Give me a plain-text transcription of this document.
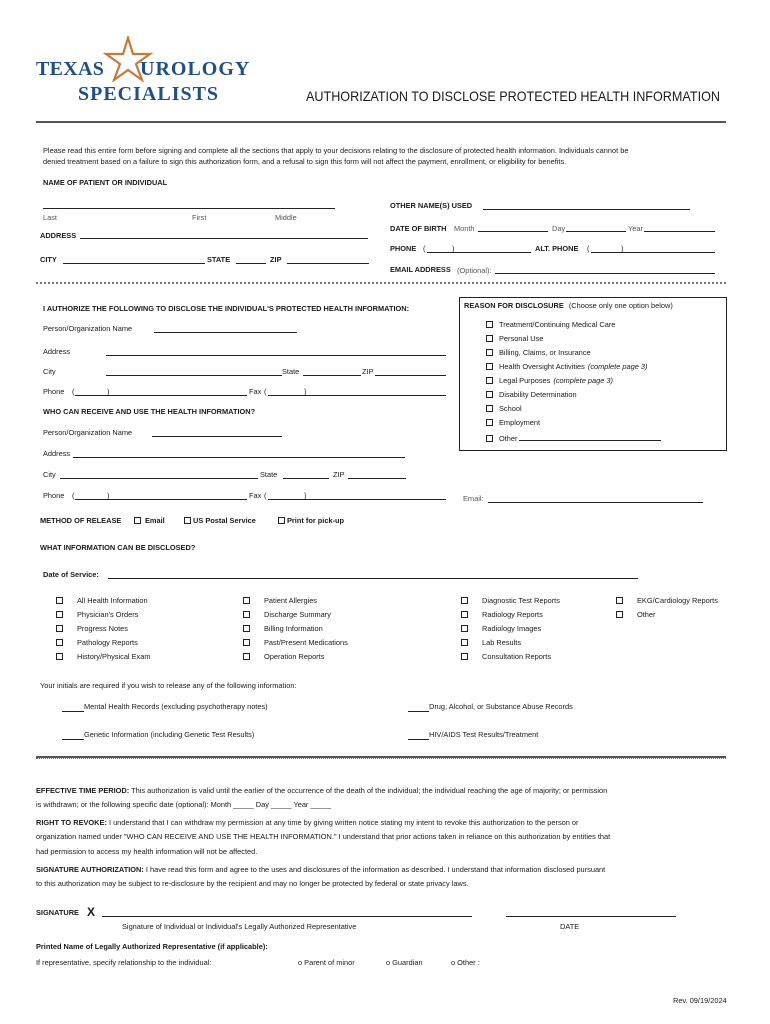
TEXAS UROLOGY
SPECIALISTS	AUTHORIZATION TO DISCLOSE PROTECTED HEALTH INFORMATION
Please read this entire form before signing and complete all the sections that apply to your decisions relating to the disclosure of protected health information. Individuals cannot be
denied treatment based on a failure to sign this authorization form, and a refusal to sign this form will not affect the payment, enrollment, or eligibility for benefits.
NAME OF PATIENT OR INDIVIDUAL
Last	First	Middle
OTHER NAME(S) USED
ADDRESS
DATE OF BIRTH Month	Day	Year
PHONE (	)	ALT. PHONE (	)
CITY	STATE	ZIP
EMAIL ADDRESS (Optional):
I AUTHORIZE THE FOLLOWING TO DISCLOSE THE INDIVIDUAL'S PROTECTED HEALTH INFORMATION:
Person/Organization Name
Address
City	State	ZIP
Phone (	)	Fax (	)
REASON FOR DISCLOSURE (Choose only one option below)
Treatment/Continuing Medical Care
Personal Use
Billing, Claims, or Insurance
Health Oversight Activities (complete page 3)
Legal Purposes (complete page 3)
Disability Determination
School
Employment
Other
WHO CAN RECEIVE AND USE THE HEALTH INFORMATION?
Person/Organization Name
Address
City	State	ZIP
Phone (	)	Fax (	)	Email:
METHOD OF RELEASE	Email	US Postal Service	Print for pick-up
WHAT INFORMATION CAN BE DISCLOSED?
Date of Service:
All Health Information
Physician's Orders
Progress Notes
Pathology Reports
History/Physical Exam
Patient Allergies
Discharge Summary
Billing Information
Past/Present Medications
Operation Reports
Diagnostic Test Reports
Radiology Reports
Radiology Images
Lab Results
Consultation Reports
EKG/Cardiology Reports
Other
Your initials are required if you wish to release any of the following information:
Mental Health Records (excluding psychotherapy notes)	Drug, Alcohol, or Substance Abuse Records
Genetic Information (including Genetic Test Results)	HIV/AIDS Test Results/Treatment
EFFECTIVE TIME PERIOD: This authorization is valid until the earlier of the occurrence of the death of the individual; the individual reaching the age of majority; or permission
is withdrawn; or the following specific date (optional): Month _____ Day _____ Year _____
RIGHT TO REVOKE: I understand that I can withdraw my permission at any time by giving written notice stating my intent to revoke this authorization to the person or
organization named under "WHO CAN RECEIVE AND USE THE HEALTH INFORMATION." I understand that prior actions taken in reliance on this authorization by entities that
had permission to access my health information will not be affected.
SIGNATURE AUTHORIZATION: I have read this form and agree to the uses and disclosures of the information as described. I understand that information disclosed pursuant
to this authorization may be subject to re-disclosure by the recipient and may no longer be protected by federal or state privacy laws.
SIGNATURE X
Signature of Individual or Individual's Legally Authorized Representative	DATE
Printed Name of Legally Authorized Representative (if applicable):
If representative, specify relationship to the individual:	o Parent of minor	o Guardian	o Other :
Rev. 09/19/2024
